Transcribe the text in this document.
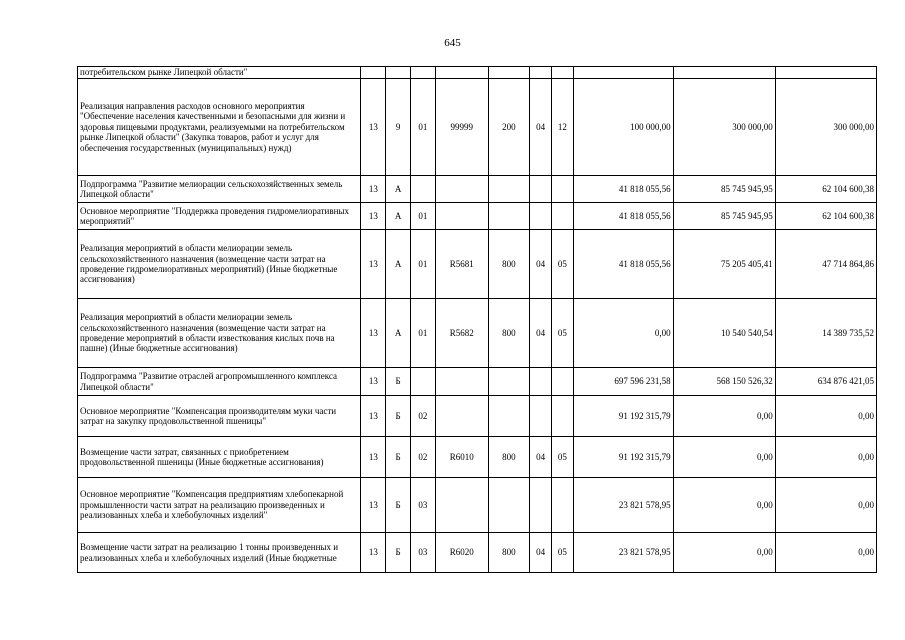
645
потребительском рынке Липецкой области"										
Реализация направления расходов основного мероприятия "Обеспечение населения качественными и безопасными для жизни и здоровья пищевыми продуктами, реализуемыми на потребительском рынке Липецкой области" (Закупка товаров, работ и услуг для обеспечения государственных (муниципальных) нужд)	13	9	01	99999	200	04	12	100 000,00	300 000,00	300 000,00
Подпрограмма "Развитие мелиорации сельскохозяйственных земель Липецкой области"	13	А						41 818 055,56	85 745 945,95	62 104 600,38
Основное мероприятие "Поддержка проведения гидромелиоративных мероприятий"	13	А	01					41 818 055,56	85 745 945,95	62 104 600,38
Реализация мероприятий в области мелиорации земель сельскохозяйственного назначения (возмещение части затрат на проведение гидромелиоративных мероприятий) (Иные бюджетные ассигнования)	13	А	01	R5681	800	04	05	41 818 055,56	75 205 405,41	47 714 864,86
Реализация мероприятий в области мелиорации земель сельскохозяйственного назначения (возмещение части затрат на проведение мероприятий в области известкования кислых почв на пашне) (Иные бюджетные ассигнования)	13	А	01	R5682	800	04	05	0,00	10 540 540,54	14 389 735,52
Подпрограмма "Развитие отраслей агропромышленного комплекса Липецкой области"	13	Б						697 596 231,58	568 150 526,32	634 876 421,05
Основное мероприятие "Компенсация производителям муки части затрат на закупку продовольственной пшеницы"	13	Б	02					91 192 315,79	0,00	0,00
Возмещение части затрат, связанных с приобретением продовольственной пшеницы (Иные бюджетные ассигнования)	13	Б	02	R6010	800	04	05	91 192 315,79	0,00	0,00
Основное мероприятие "Компенсация предприятиям хлебопекарной промышленности части затрат на реализацию произведенных и реализованных хлеба и хлебобулочных изделий"	13	Б	03					23 821 578,95	0,00	0,00
Возмещение части затрат на реализацию 1 тонны произведенных и реализованных хлеба и хлебобулочных изделий (Иные бюджетные	13	Б	03	R6020	800	04	05	23 821 578,95	0,00	0,00
